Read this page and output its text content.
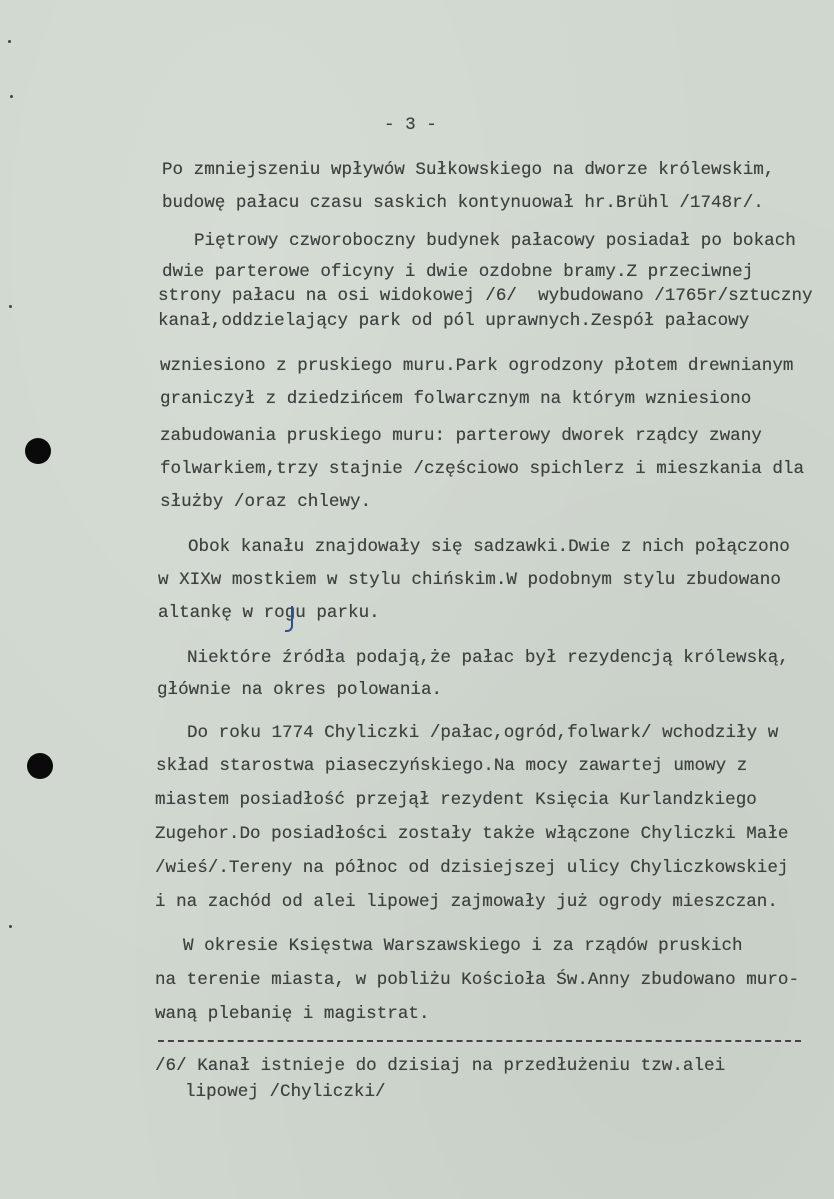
- 3 -
Po zmniejszeniu wpływów Sułkowskiego na dworze królewskim,
budowę pałacu czasu saskich kontynuował hr.Brühl /1748r/.
Piętrowy czworoboczny budynek pałacowy posiadał po bokach
dwie parterowe oficyny i dwie ozdobne bramy.Z przeciwnej
strony pałacu na osi widokowej /6/  wybudowano /1765r/sztuczny
kanał,oddzielający park od pól uprawnych.Zespół pałacowy
wzniesiono z pruskiego muru.Park ogrodzony płotem drewnianym
graniczył z dziedzińcem folwarcznym na którym wzniesiono
zabudowania pruskiego muru: parterowy dworek rządcy zwany
folwarkiem,trzy stajnie /częściowo spichlerz i mieszkania dla
służby /oraz chlewy.
Obok kanału znajdowały się sadzawki.Dwie z nich połączono
w XIXw mostkiem w stylu chińskim.W podobnym stylu zbudowano
altankę w rogu parku.
Niektóre źródła podają,że pałac był rezydencją królewską,
głównie na okres polowania.
Do roku 1774 Chyliczki /pałac,ogród,folwark/ wchodziły w
skład starostwa piaseczyńskiego.Na mocy zawartej umowy z
miastem posiadłość przejął rezydent Księcia Kurlandzkiego
Zugehor.Do posiadłości zostały także włączone Chyliczki Małe
/wieś/.Tereny na północ od dzisiejszej ulicy Chyliczkowskiej
i na zachód od alei lipowej zajmowały już ogrody mieszczan.
W okresie Księstwa Warszawskiego i za rządów pruskich
na terenie miasta, w pobliżu Kościoła Św.Anny zbudowano muro-
waną plebanię i magistrat.
/6/ Kanał istnieje do dzisiaj na przedłużeniu tzw.alei
lipowej /Chyliczki/
